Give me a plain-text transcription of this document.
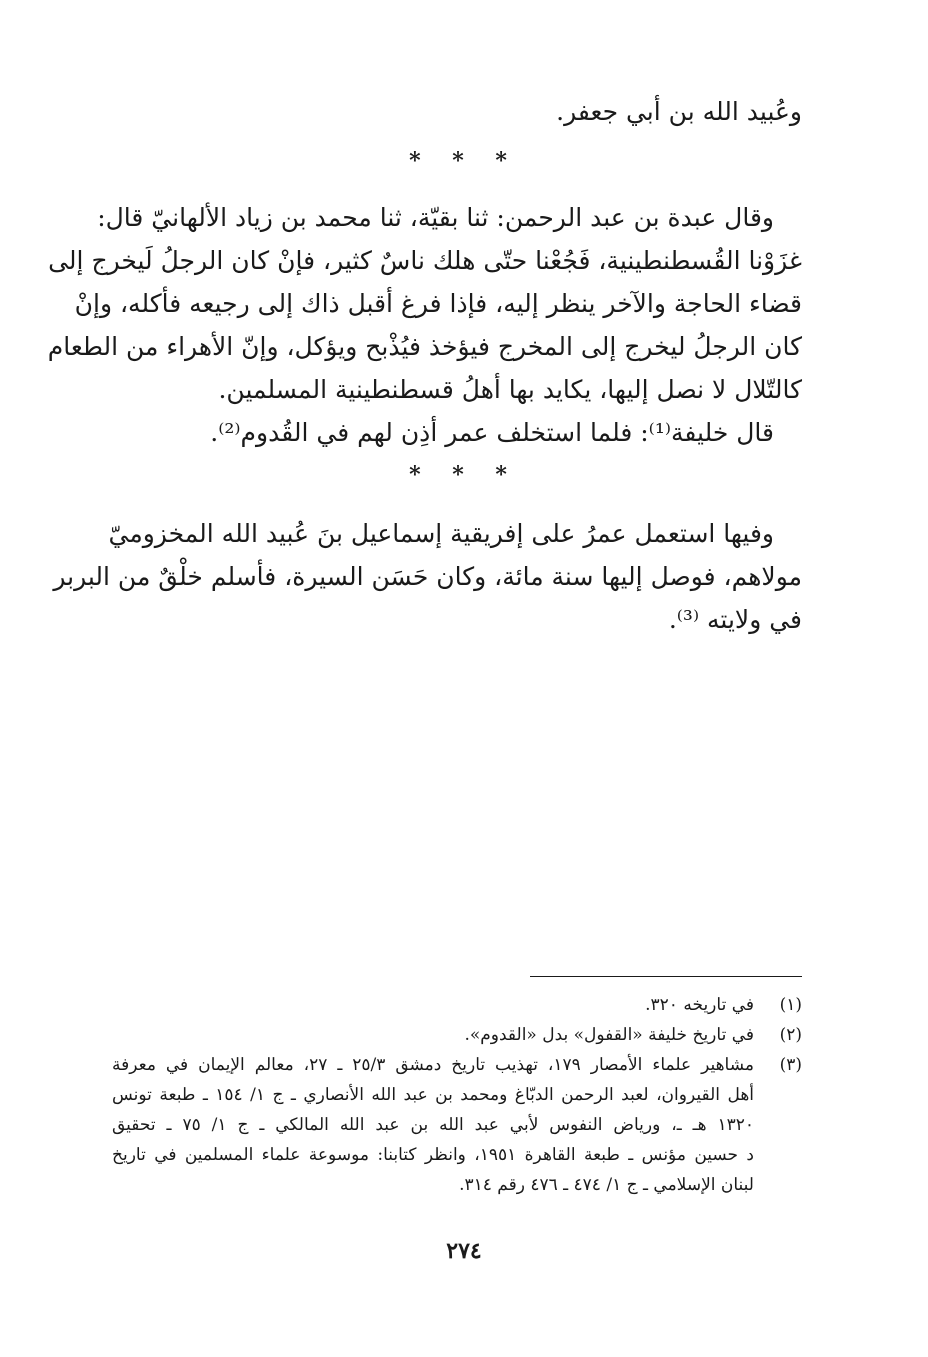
وعُبيد الله بن أبي جعفر.
* * *
وقال عبدة بن عبد الرحمن: ثنا بقيّة، ثنا محمد بن زياد الألهانيّ قال:
غزَوْنا القُسطنطينية، فَجُعْنا حتّى هلك ناسٌ كثير، فإنْ كان الرجلُ لَيخرج إلى
قضاء الحاجة والآخر ينظر إليه، فإذا فرغ أقبل ذاك إلى رجيعه فأكله، وإنْ
كان الرجلُ ليخرج إلى المخرج فيؤخذ فيُذْبح ويؤكل، وإنّ الأهراء من الطعام
كالتّلال لا نصل إليها، يكايد بها أهلُ قسطنطينية المسلمين.
قال خليفة⁽¹⁾: فلما استخلف عمر أذِن لهم في القُدوم⁽²⁾.
* * *
وفيها استعمل عمرُ على إفريقية إسماعيل بنَ عُبيد الله المخزوميّ
مولاهم، فوصل إليها سنة مائة، وكان حَسَن السيرة، فأسلم خلْقٌ من البربر
في ولايته ⁽³⁾.
(١)
في تاريخه ٣٢٠.
(٢)
في تاريخ خليفة «القفول» بدل «القدوم».
(٣)
مشاهير علماء الأمصار ١٧٩، تهذيب تاريخ دمشق ٢٥/٣ ـ ٢٧، معالم الإيمان في معرفة
أهل القيروان، لعبد الرحمن الدبّاغ ومحمد بن عبد الله الأنصاري ـ ج ١/ ١٥٤ ـ طبعة تونس
١٣٢٠ هـ ـ، ورياض النفوس لأبي عبد الله بن عبد الله المالكي ـ ج ١/ ٧٥ ـ تحقيق
د حسين مؤنس ـ طبعة القاهرة ١٩٥١، وانظر كتابنا: موسوعة علماء المسلمين في تاريخ
لبنان الإسلامي ـ ج ١/ ٤٧٤ ـ ٤٧٦ رقم ٣١٤.
٢٧٤
